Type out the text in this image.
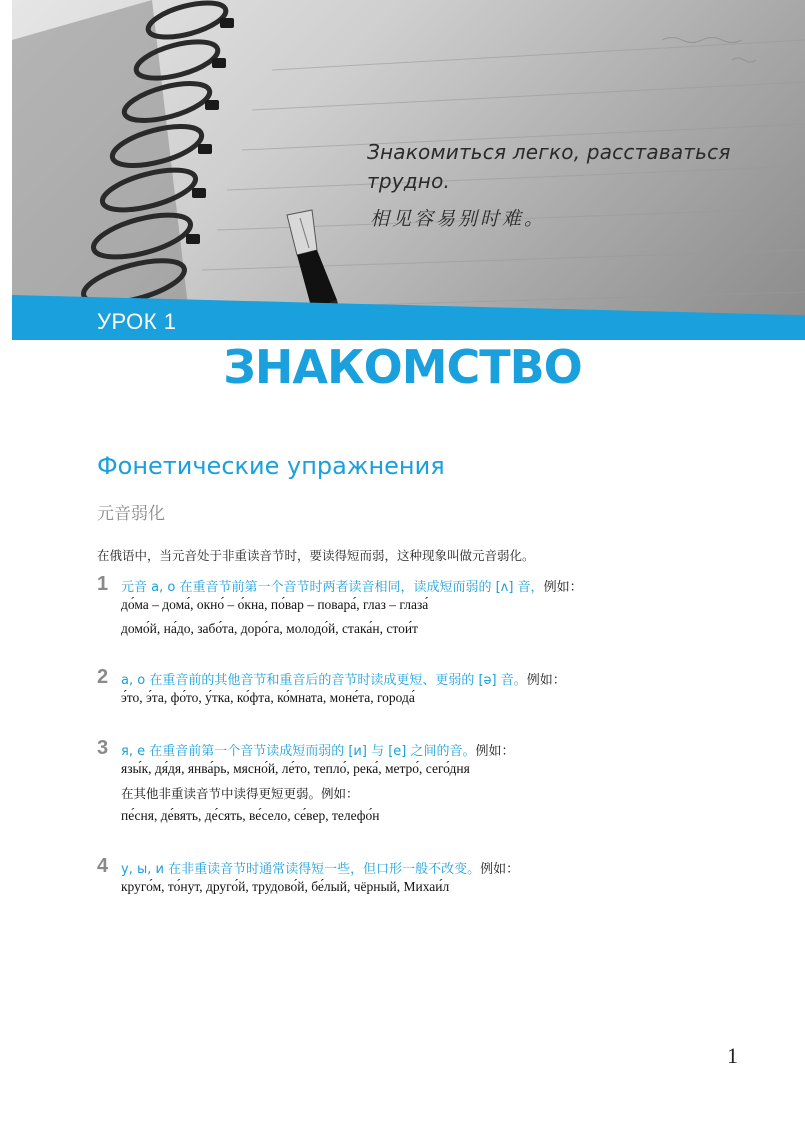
Знакомиться легко, расставаться трудно.
相见容易别时难。
УРОК 1
ЗНАКОМСТВО
Фонетические упражнения
元音弱化
在俄语中，当元音处于非重读音节时，要读得短而弱，这种现象叫做元音弱化。
1 元音 а, о 在重音节前第一个音节时两者读音相同，读成短而弱的 [ʌ] 音，例如：
до́ма – дома́, окно́ – о́кна, по́вар – повара́, глаз – глаза́
домо́й, на́до, забо́та, доро́га, молодо́й, стака́н, стои́т
2 а, о 在重音前的其他音节和重音后的音节时读成更短、更弱的 [ə] 音。例如：
э́то, э́та, фо́то, у́тка, ко́фта, ко́мната, моне́та, города́
3 я, е 在重音前第一个音节读成短而弱的 [и] 与 [е] 之间的音。例如：
язы́к, дя́дя, янва́рь, мясно́й, ле́то, тепло́, река́, метро́, сего́дня
在其他非重读音节中读得更短更弱。例如：
пе́сня, де́вять, де́сять, ве́село, се́вер, телефо́н
4 у, ы, и 在非重读音节时通常读得短一些，但口形一般不改变。例如：
круго́м, то́нут, друго́й, трудово́й, бе́лый, чёрный, Михаи́л
1
